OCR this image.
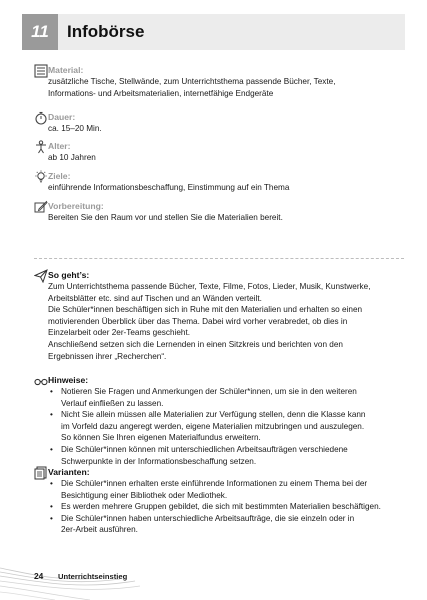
11	Infobörse

Material:

zusätzliche Tische, Stellwände, zum Unterrichtsthema passende Bücher, Texte,

Informations- und Arbeitsmaterialien, internetfähige Endgeräte

Dauer:

ca. 15–20 Min.

Alter:

ab 10 Jahren

Ziele:

einführende Informationsbeschaffung, Einstimmung auf ein Thema

Vorbereitung:

Bereiten Sie den Raum vor und stellen Sie die Materialien bereit.

So geht’s:

Zum Unterrichtsthema passende Bücher, Texte, Filme, Fotos, Lieder, Musik, Kunstwerke,

Arbeitsblätter etc. sind auf Tischen und an Wänden verteilt.

Die Schüler*innen beschäftigen sich in Ruhe mit den Materialien und erhalten so einen

motivierenden Überblick über das Thema. Dabei wird vorher verabredet, ob dies in

Einzelarbeit oder 2er-Teams geschieht.

Anschließend setzen sich die Lernenden in einen Sitzkreis und berichten von den

Ergebnissen ihrer „Recherchen“.

Hinweise:

• Notieren Sie Fragen und Anmerkungen der Schüler*innen, um sie in den weiteren

Verlauf einfließen zu lassen.

• Nicht Sie allein müssen alle Materialien zur Verfügung stellen, denn die Klasse kann

im Vorfeld dazu angeregt werden, eigene Materialien mitzubringen und auszulegen.

So können Sie Ihren eigenen Materialfundus erweitern.

• Die Schüler*innen können mit unterschiedlichen Arbeitsaufträgen verschiedene

Schwerpunkte in der Informationsbeschaffung setzen.

Varianten:

• Die Schüler*innen erhalten erste einführende Informationen zu einem Thema bei der

Besichtigung einer Bibliothek oder Mediothek.

• Es werden mehrere Gruppen gebildet, die sich mit bestimmten Materialien beschäftigen.

• Die Schüler*innen haben unterschiedliche Arbeitsaufträge, die sie einzeln oder in

2er-Arbeit ausführen.

24 Unterrichtseinstieg
